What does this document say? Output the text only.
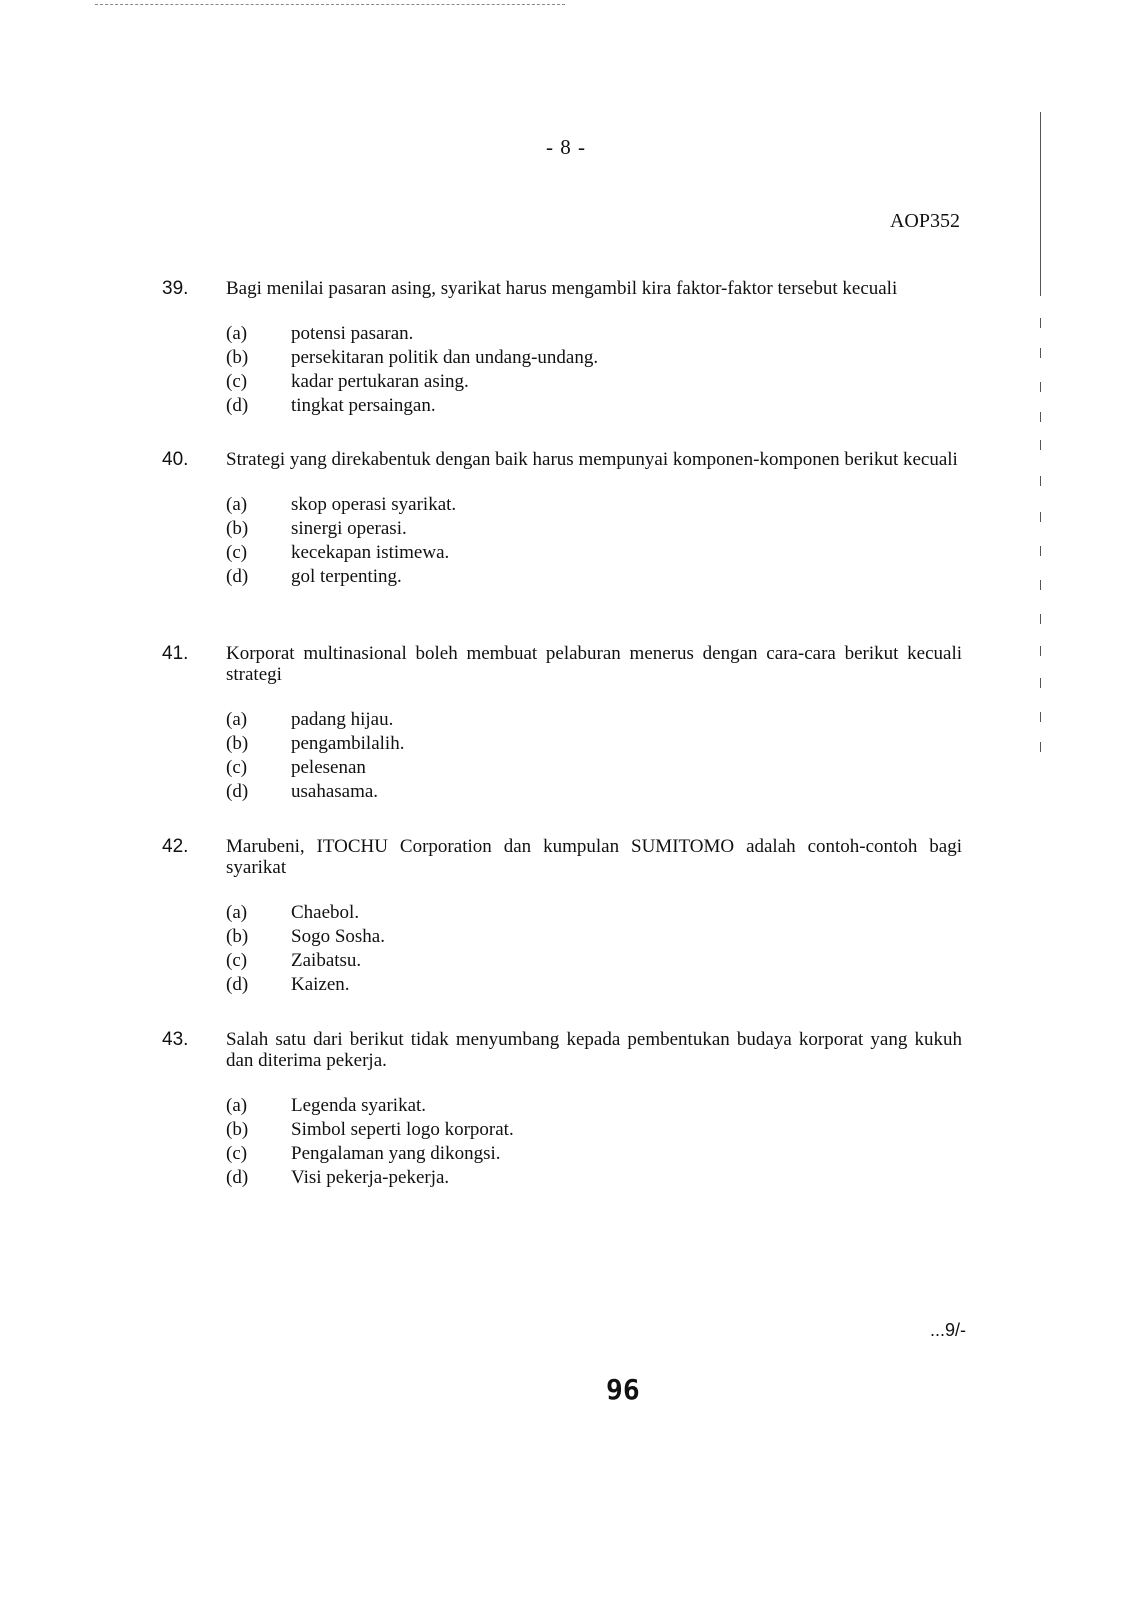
- 8 -
AOP352
39. Bagi menilai pasaran asing, syarikat harus mengambil kira faktor-faktor tersebut kecuali
(a) potensi pasaran.
(b) persekitaran politik dan undang-undang.
(c) kadar pertukaran asing.
(d) tingkat persaingan.
40. Strategi yang direkabentuk dengan baik harus mempunyai komponen-komponen berikut kecuali
(a) skop operasi syarikat.
(b) sinergi operasi.
(c) kecekapan istimewa.
(d) gol terpenting.
41. Korporat multinasional boleh membuat pelaburan menerus dengan cara-cara berikut kecuali strategi
(a) padang hijau.
(b) pengambilalih.
(c) pelesenan
(d) usahasama.
42. Marubeni, ITOCHU Corporation dan kumpulan SUMITOMO adalah contoh-contoh bagi syarikat
(a) Chaebol.
(b) Sogo Sosha.
(c) Zaibatsu.
(d) Kaizen.
43. Salah satu dari berikut tidak menyumbang kepada pembentukan budaya korporat yang kukuh dan diterima pekerja.
(a) Legenda syarikat.
(b) Simbol seperti logo korporat.
(c) Pengalaman yang dikongsi.
(d) Visi pekerja-pekerja.
...9/-
96
